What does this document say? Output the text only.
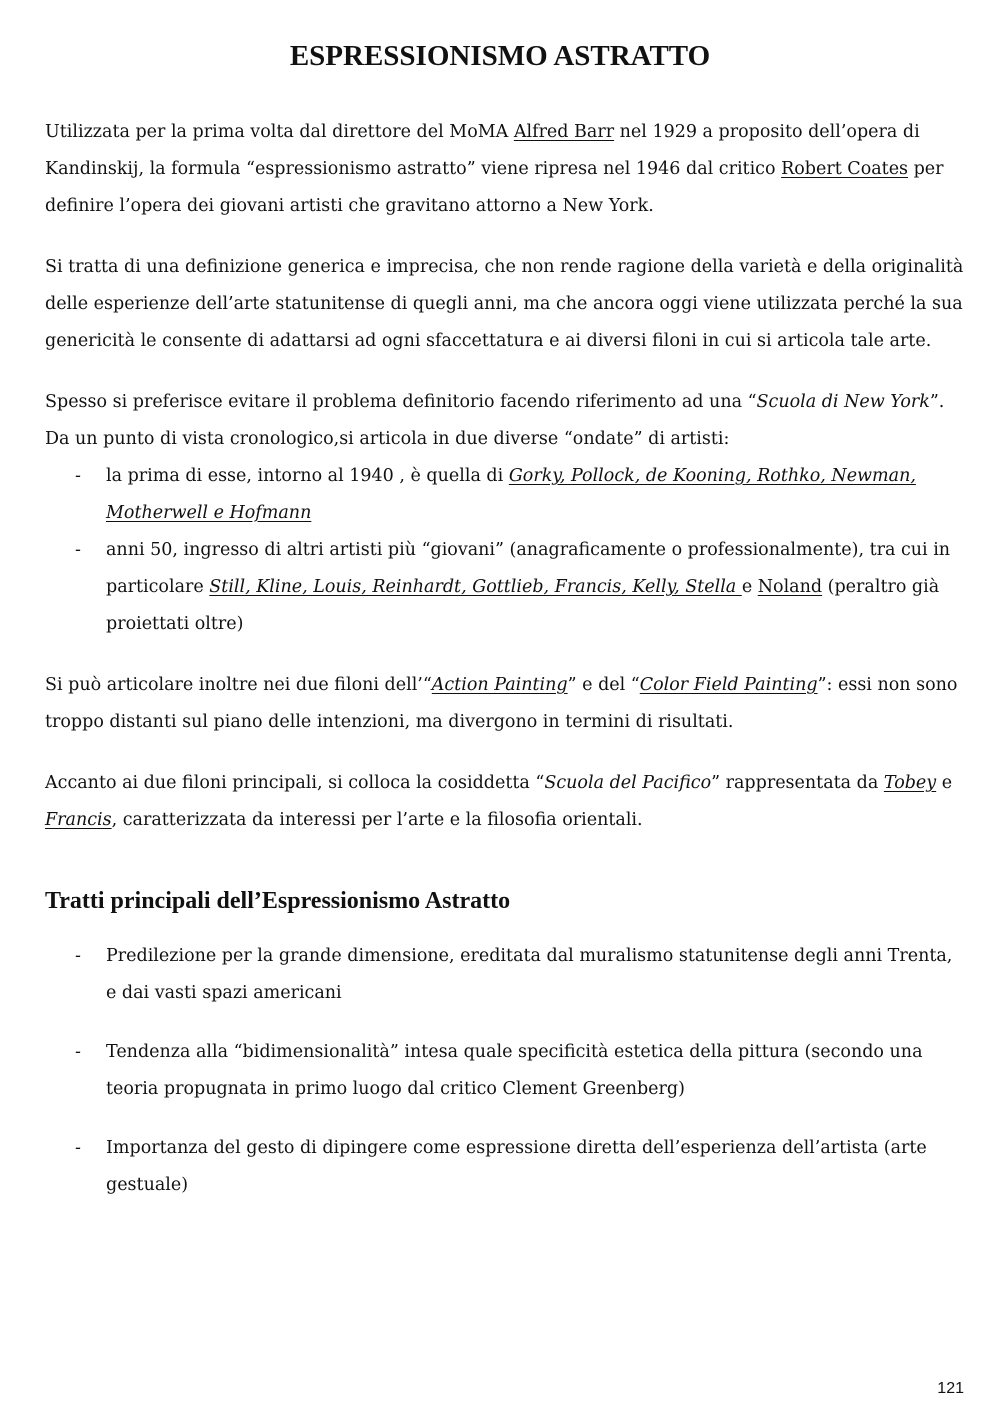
ESPRESSIONISMO ASTRATTO

Utilizzata per la prima volta dal direttore del MoMA Alfred Barr nel 1929 a proposito dell’opera di Kandinskij, la formula “espressionismo astratto” viene ripresa nel 1946 dal critico Robert Coates per definire l’opera dei giovani artisti che gravitano attorno a New York.

Si tratta di una definizione generica e imprecisa, che non rende ragione della varietà e della originalità delle esperienze dell’arte statunitense di quegli anni, ma che ancora oggi viene utilizzata perché la sua genericità le consente di adattarsi ad ogni sfaccettatura e ai diversi filoni in cui si articola tale arte.

Spesso si preferisce evitare il problema definitorio facendo riferimento ad una “Scuola di New York”.
Da un punto di vista cronologico,si articola in due diverse “ondate” di artisti:

- la prima di esse, intorno al 1940 , è quella di Gorky, Pollock, de Kooning, Rothko, Newman, Motherwell e Hofmann
- anni 50, ingresso di altri artisti più “giovani” (anagraficamente o professionalmente), tra cui in particolare Still, Kline, Louis, Reinhardt, Gottlieb, Francis, Kelly, Stella e Noland (peraltro già proiettati oltre)

Si può articolare inoltre nei due filoni dell’“Action Painting” e del “Color Field Painting”: essi non sono troppo distanti sul piano delle intenzioni, ma divergono in termini di risultati.

Accanto ai due filoni principali, si colloca la cosiddetta “Scuola del Pacifico” rappresentata da Tobey e Francis, caratterizzata da interessi per l’arte e la filosofia orientali.

Tratti principali dell’Espressionismo Astratto
- Predilezione per la grande dimensione, ereditata dal muralismo statunitense degli anni Trenta, e dai vasti spazi americani
- Tendenza alla “bidimensionalità” intesa quale specificità estetica della pittura (secondo una teoria propugnata in primo luogo dal critico Clement Greenberg)
- Importanza del gesto di dipingere come espressione diretta dell’esperienza dell’artista (arte gestuale)
121
